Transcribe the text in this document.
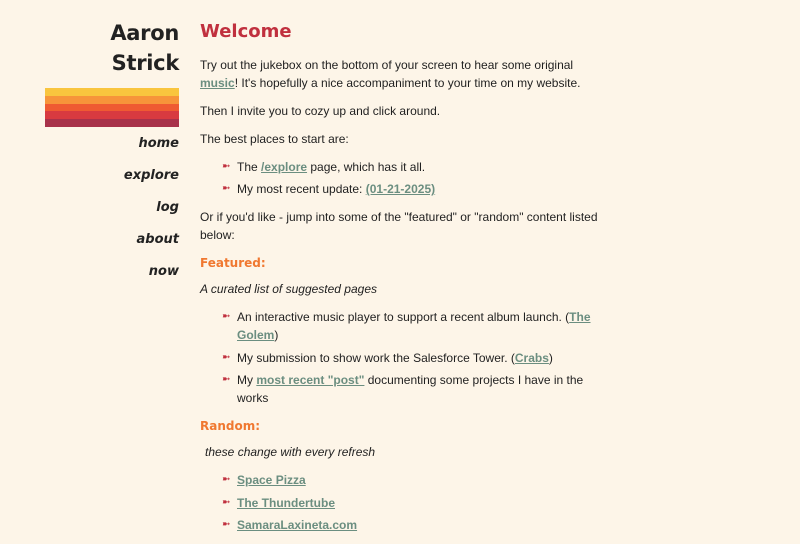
Aaron Strick
home
explore
log
about
now
Welcome

Try out the jukebox on the bottom of your screen to hear some original music! It's hopefully a nice accompaniment to your time on my website.

Then I invite you to cozy up and click around.

The best places to start are:

➼ The /explore page, which has it all.
➼ My most recent update: (01-21-2025)

Or if you'd like - jump into some of the "featured" or "random" content listed below:

Featured:

A curated list of suggested pages

➼ An interactive music player to support a recent album launch. (The Golem)
➼ My submission to show work the Salesforce Tower. (Crabs)
➼ My most recent "post" documenting some projects I have in the works
Random:

these change with every refresh

➼ Space Pizza
➼ The Thundertube
➼ SamaraLaxineta.com
